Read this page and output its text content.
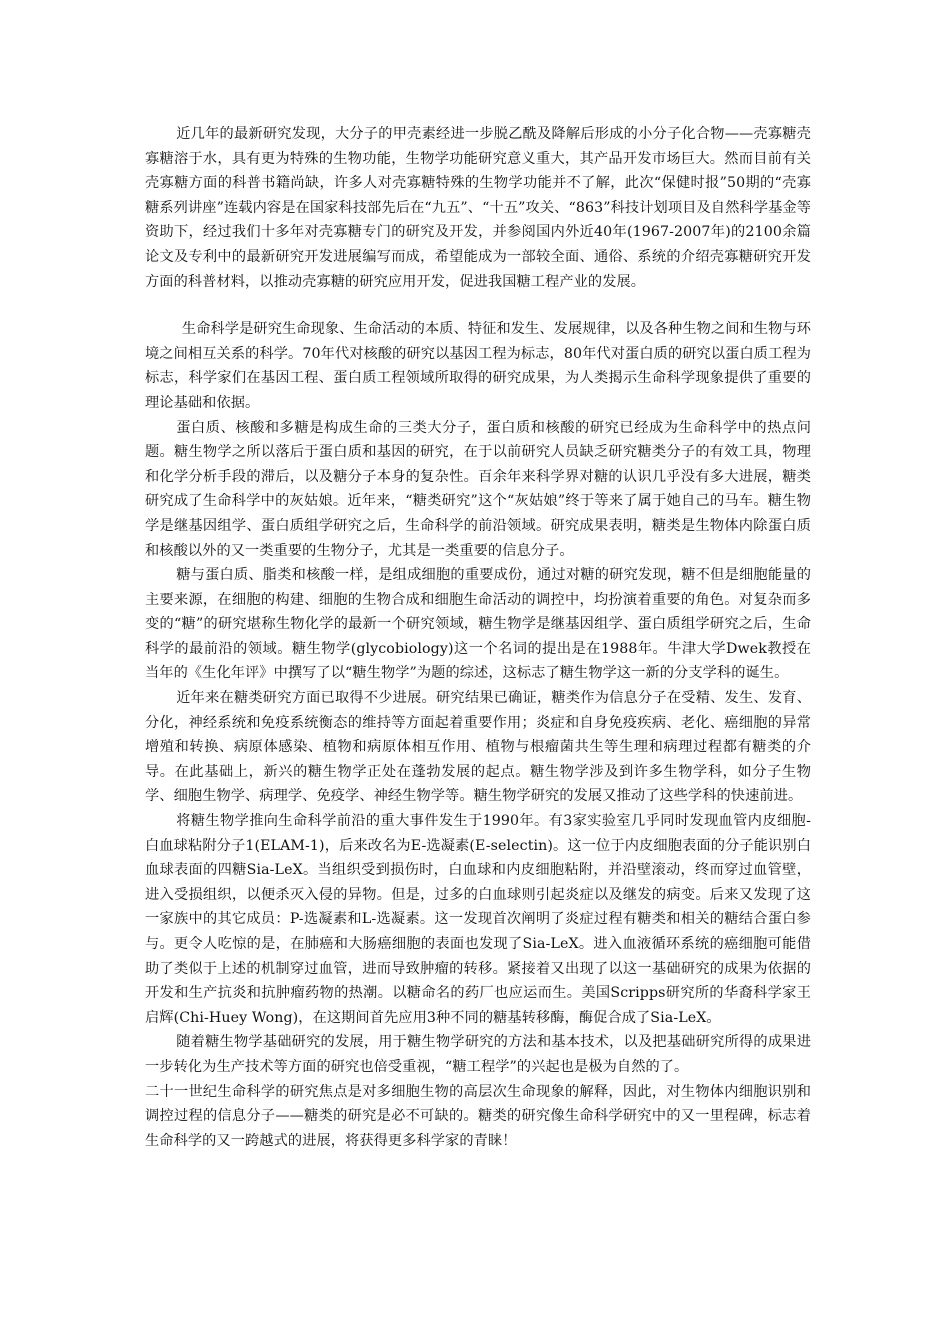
近几年的最新研究发现，大分子的甲壳素经进一步脱乙酰及降解后形成的小分子化合物——壳寡糖壳寡糖溶于水，具有更为特殊的生物功能，生物学功能研究意义重大，其产品开发市场巨大。然而目前有关壳寡糖方面的科普书籍尚缺，许多人对壳寡糖特殊的生物学功能并不了解，此次“保健时报”50期的“壳寡糖系列讲座”连载内容是在国家科技部先后在“九五”、“十五”攻关、“863”科技计划项目及自然科学基金等资助下，经过我们十多年对壳寡糖专门的研究及开发，并参阅国内外近40年(1967-2007年)的2100余篇论文及专利中的最新研究开发进展编写而成，希望能成为一部较全面、通俗、系统的介绍壳寡糖研究开发方面的科普材料，以推动壳寡糖的研究应用开发，促进我国糖工程产业的发展。

生命科学是研究生命现象、生命活动的本质、特征和发生、发展规律，以及各种生物之间和生物与环境之间相互关系的科学。70年代对核酸的研究以基因工程为标志，80年代对蛋白质的研究以蛋白质工程为标志，科学家们在基因工程、蛋白质工程领域所取得的研究成果，为人类揭示生命科学现象提供了重要的理论基础和依据。

蛋白质、核酸和多糖是构成生命的三类大分子，蛋白质和核酸的研究已经成为生命科学中的热点问题。糖生物学之所以落后于蛋白质和基因的研究，在于以前研究人员缺乏研究糖类分子的有效工具，物理和化学分析手段的滞后，以及糖分子本身的复杂性。百余年来科学界对糖的认识几乎没有多大进展，糖类研究成了生命科学中的灰姑娘。近年来，“糖类研究”这个“灰姑娘”终于等来了属于她自己的马车。糖生物学是继基因组学、蛋白质组学研究之后，生命科学的前沿领域。研究成果表明，糖类是生物体内除蛋白质和核酸以外的又一类重要的生物分子，尤其是一类重要的信息分子。

糖与蛋白质、脂类和核酸一样，是组成细胞的重要成份，通过对糖的研究发现，糖不但是细胞能量的主要来源，在细胞的构建、细胞的生物合成和细胞生命活动的调控中，均扮演着重要的角色。对复杂而多变的“糖”的研究堪称生物化学的最新一个研究领域，糖生物学是继基因组学、蛋白质组学研究之后，生命科学的最前沿的领域。糖生物学(glycobiology)这一个名词的提出是在1988年。牛津大学Dwek教授在当年的《生化年评》中撰写了以“糖生物学”为题的综述，这标志了糖生物学这一新的分支学科的诞生。

近年来在糖类研究方面已取得不少进展。研究结果已确证，糖类作为信息分子在受精、发生、发育、分化，神经系统和免疫系统衡态的维持等方面起着重要作用；炎症和自身免疫疾病、老化、癌细胞的异常增殖和转换、病原体感染、植物和病原体相互作用、植物与根瘤菌共生等生理和病理过程都有糖类的介导。在此基础上，新兴的糖生物学正处在蓬勃发展的起点。糖生物学涉及到许多生物学科，如分子生物学、细胞生物学、病理学、免疫学、神经生物学等。糖生物学研究的发展又推动了这些学科的快速前进。

将糖生物学推向生命科学前沿的重大事件发生于1990年。有3家实验室几乎同时发现血管内皮细胞-白血球粘附分子1(ELAM-1)，后来改名为E-选凝素(E-selectin)。这一位于内皮细胞表面的分子能识别白血球表面的四糖Sia-LeX。当组织受到损伤时，白血球和内皮细胞粘附，并沿壁滚动，终而穿过血管壁，进入受损组织，以便杀灭入侵的异物。但是，过多的白血球则引起炎症以及继发的病变。后来又发现了这一家族中的其它成员：P-选凝素和L-选凝素。这一发现首次阐明了炎症过程有糖类和相关的糖结合蛋白参与。更令人吃惊的是，在肺癌和大肠癌细胞的表面也发现了Sia-LeX。进入血液循环系统的癌细胞可能借助了类似于上述的机制穿过血管，进而导致肿瘤的转移。紧接着又出现了以这一基础研究的成果为依据的开发和生产抗炎和抗肿瘤药物的热潮。以糖命名的药厂也应运而生。美国Scripps研究所的华裔科学家王启辉(Chi-Huey Wong)，在这期间首先应用3种不同的糖基转移酶，酶促合成了Sia-LeX。

随着糖生物学基础研究的发展，用于糖生物学研究的方法和基本技术，以及把基础研究所得的成果进一步转化为生产技术等方面的研究也倍受重视，“糖工程学”的兴起也是极为自然的了。

二十一世纪生命科学的研究焦点是对多细胞生物的高层次生命现象的解释，因此，对生物体内细胞识别和调控过程的信息分子——糖类的研究是必不可缺的。糖类的研究像生命科学研究中的又一里程碑，标志着生命科学的又一跨越式的进展，将获得更多科学家的青睐！
